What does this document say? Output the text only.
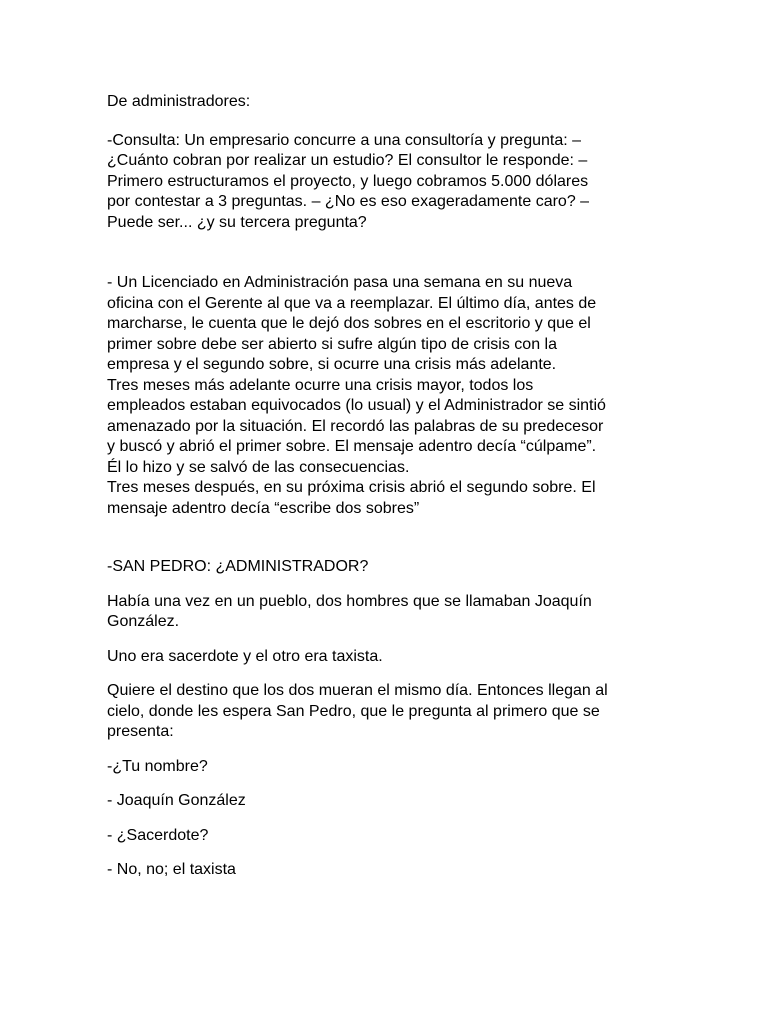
De administradores:

-Consulta: Un empresario concurre a una consultoría y pregunta: –
¿Cuánto cobran por realizar un estudio? El consultor le responde: –
Primero estructuramos el proyecto, y luego cobramos 5.000 dólares
por contestar a 3 preguntas. – ¿No es eso exageradamente caro? –
Puede ser... ¿y su tercera pregunta?

- Un Licenciado en Administración pasa una semana en su nueva
oficina con el Gerente al que va a reemplazar. El último día, antes de
marcharse, le cuenta que le dejó dos sobres en el escritorio y que el
primer sobre debe ser abierto si sufre algún tipo de crisis con la
empresa y el segundo sobre, si ocurre una crisis más adelante.
Tres meses más adelante ocurre una crisis mayor, todos los
empleados estaban equivocados (lo usual) y el Administrador se sintió
amenazado por la situación. El recordó las palabras de su predecesor
y buscó y abrió el primer sobre. El mensaje adentro decía “cúlpame”.
Él lo hizo y se salvó de las consecuencias.
Tres meses después, en su próxima crisis abrió el segundo sobre. El
mensaje adentro decía “escribe dos sobres”

-SAN PEDRO: ¿ADMINISTRADOR?

Había una vez en un pueblo, dos hombres que se llamaban Joaquín
González.

Uno era sacerdote y el otro era taxista.

Quiere el destino que los dos mueran el mismo día. Entonces llegan al
cielo, donde les espera San Pedro, que le pregunta al primero que se
presenta:

-¿Tu nombre?

- Joaquín González

- ¿Sacerdote?

- No, no; el taxista
